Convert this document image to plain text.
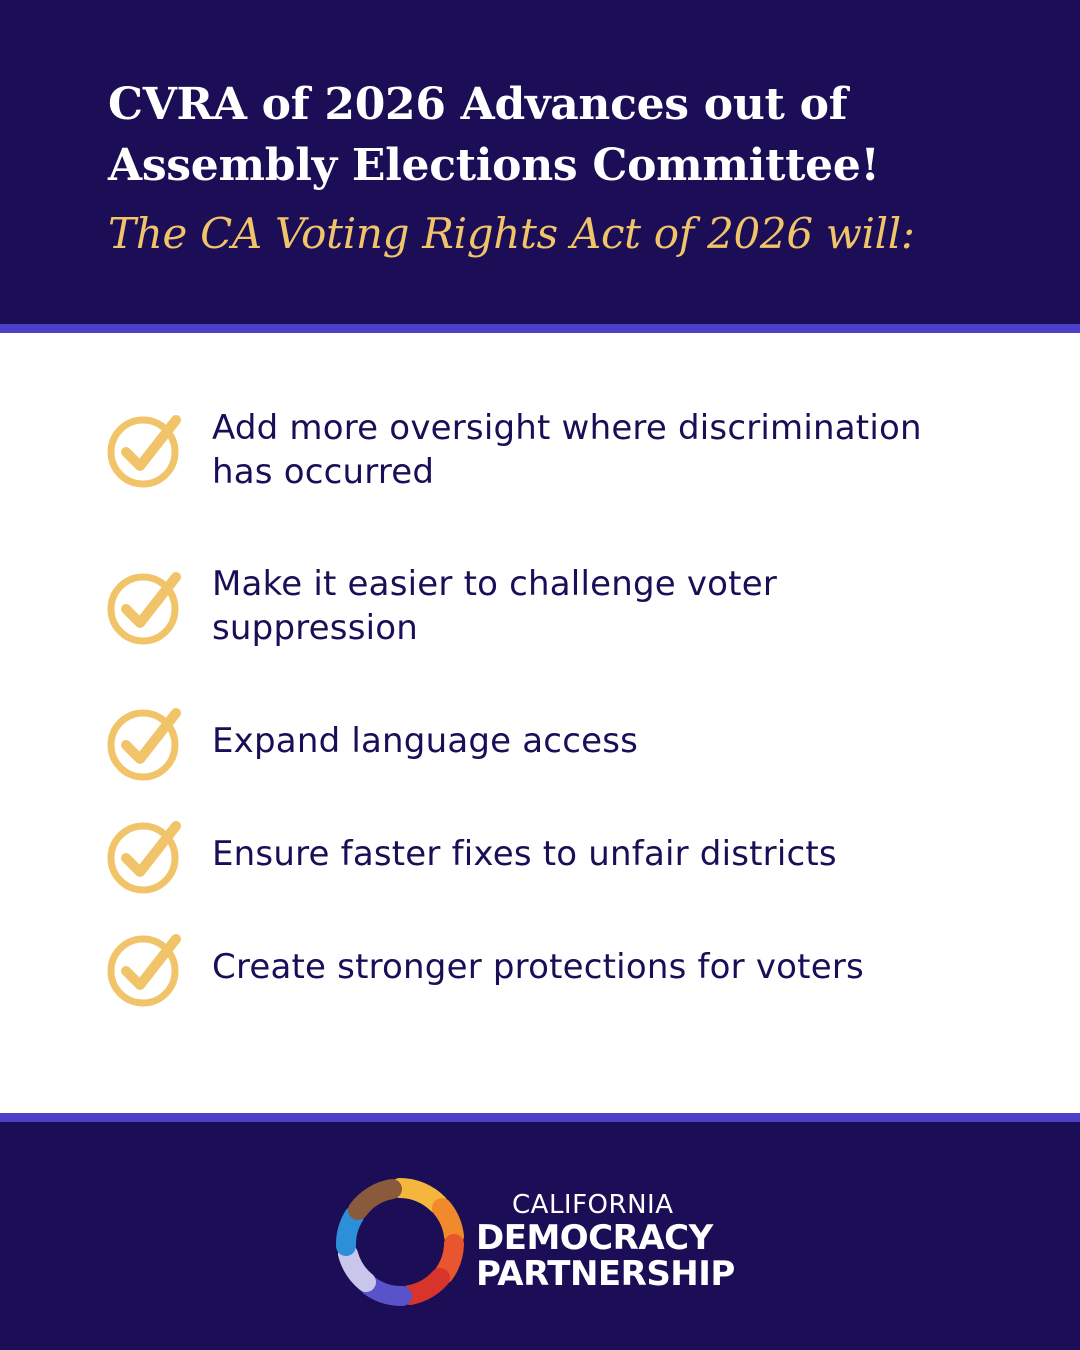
CVRA of 2026 Advances out of
Assembly Elections Committee!
The CA Voting Rights Act of 2026 will:
Add more oversight where discrimination
has occurred
Make it easier to challenge voter
suppression
Expand language access
Ensure faster fixes to unfair districts
Create stronger protections for voters
CALIFORNIA
DEMOCRACY
PARTNERSHIP
